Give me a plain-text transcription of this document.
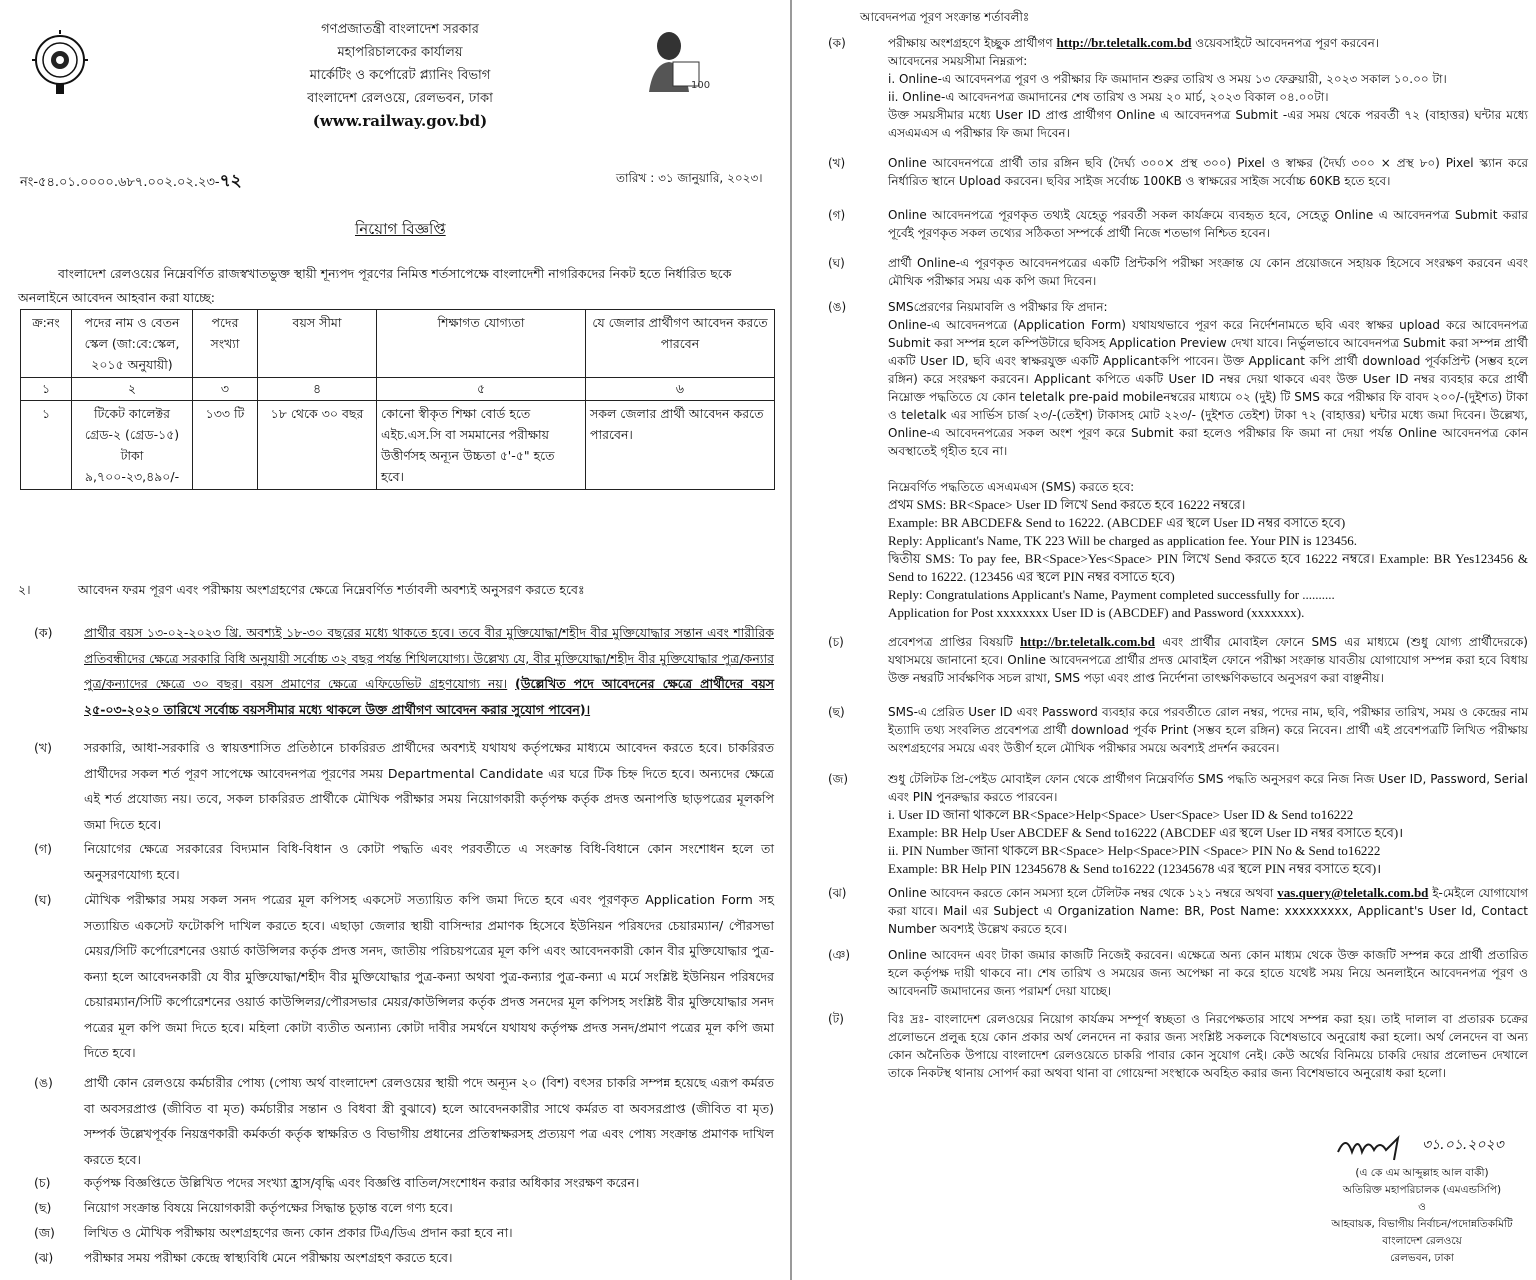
গণপ্রজাতন্ত্রী বাংলাদেশ সরকার
মহাপরিচালকের কার্যালয়
মার্কেটিং ও কর্পোরেট প্ল্যানিং বিভাগ
বাংলাদেশ রেলওয়ে, রেলভবন, ঢাকা
(www.railway.gov.bd)
100
নং-৫৪.০১.০০০০.৬৮৭.০০২.০২.২৩-৭২	তারিখ : ৩১ জানুয়ারি, ২০২৩।
নিয়োগ বিজ্ঞপ্তি
বাংলাদেশ রেলওয়ের নিম্নেবর্ণিত রাজস্বখাতভুক্ত স্থায়ী শূন্যপদ পূরণের নিমিত্ত শর্তসাপেক্ষে বাংলাদেশী নাগরিকদের নিকট হতে নির্ধারিত ছকে অনলাইনে আবেদন আহবান করা যাচ্ছে:
ক্র:নং	পদের নাম ও বেতন স্কেল (জা:বে:স্কেল, ২০১৫ অনুযায়ী)	পদের সংখ্যা	বয়স সীমা	শিক্ষাগত যোগ্যতা	যে জেলার প্রার্থীগণ আবেদন করতে পারবেন
১	২	৩	৪	৫	৬
১	টিকেট কালেক্টর গ্রেড-২ (গ্রেড-১৫) টাকা ৯,৭০০-২৩,৪৯০/-	১৩৩ টি	১৮ থেকে ৩০ বছর	কোনো স্বীকৃত শিক্ষা বোর্ড হতে এইচ.এস.সি বা সমমানের পরীক্ষায় উত্তীর্ণসহ অন্যূন উচ্চতা ৫'-৫" হতে হবে।	সকল জেলার প্রার্থী আবেদন করতে পারবেন।
২।	আবেদন ফরম পূরণ এবং পরীক্ষায় অংশগ্রহণের ক্ষেত্রে নিম্নেবর্ণিত শর্তাবলী অবশ্যই অনুসরণ করতে হবেঃ
(ক)	প্রার্থীর বয়স ১৩-০২-২০২৩ খ্রি. অবশ্যই ১৮-৩০ বছরের মধ্যে থাকতে হবে। তবে বীর মুক্তিযোদ্ধা/শহীদ বীর মুক্তিযোদ্ধার সন্তান এবং শারীরিক প্রতিবন্ধীদের ক্ষেত্রে সরকারি বিধি অনুযায়ী সর্বোচ্চ ৩২ বছর পর্যন্ত শিথিলযোগ্য। উল্লেখ্য যে, বীর মুক্তিযোদ্ধা/শহীদ বীর মুক্তিযোদ্ধার পুত্র/কন্যার পুত্র/কন্যাদের ক্ষেত্রে ৩০ বছর। বয়স প্রমাণের ক্ষেত্রে এফিডেভিট গ্রহণযোগ্য নয়। (উল্লেখিত পদে আবেদনের ক্ষেত্রে প্রার্থীদের বয়স ২৫-০৩-২০২০ তারিখে সর্বোচ্চ বয়সসীমার মধ্যে থাকলে উক্ত প্রার্থীগণ আবেদন করার সুযোগ পাবেন)।
(খ)	সরকারি, আধা-সরকারি ও স্বায়ত্তশাসিত প্রতিষ্ঠানে চাকরিরত প্রার্থীদের অবশ্যই যথাযথ কর্তৃপক্ষের মাধ্যমে আবেদন করতে হবে। চাকরিরত প্রার্থীদের সকল শর্ত পূরণ সাপেক্ষে আবেদনপত্র পূরণের সময় Departmental Candidate এর ঘরে টিক চিহ্ন দিতে হবে। অন্যদের ক্ষেত্রে এই শর্ত প্রযোজ্য নয়। তবে, সকল চাকরিরত প্রার্থীকে মৌখিক পরীক্ষার সময় নিয়োগকারী কর্তৃপক্ষ কর্তৃক প্রদত্ত অনাপত্তি ছাড়পত্রের মূলকপি জমা দিতে হবে।
(গ)	নিয়োগের ক্ষেত্রে সরকারের বিদ্যমান বিধি-বিধান ও কোটা পদ্ধতি এবং পরবর্তীতে এ সংক্রান্ত বিধি-বিধানে কোন সংশোধন হলে তা অনুসরণযোগ্য হবে।
(ঘ)	মৌখিক পরীক্ষার সময় সকল সনদ পত্রের মূল কপিসহ একসেট সত্যায়িত কপি জমা দিতে হবে এবং পূরণকৃত Application Form সহ সত্যায়িত একসেট ফটোকপি দাখিল করতে হবে। এছাড়া জেলার স্থায়ী বাসিন্দার প্রমাণক হিসেবে ইউনিয়ন পরিষদের চেয়ারম্যান/ পৌরসভা মেয়র/সিটি কর্পোরেশনের ওয়ার্ড কাউন্সিলর কর্তৃক প্রদত্ত সনদ, জাতীয় পরিচয়পত্রের মূল কপি এবং আবেদনকারী কোন বীর মুক্তিযোদ্ধার পুত্র-কন্যা হলে আবেদনকারী যে বীর মুক্তিযোদ্ধা/শহীদ বীর মুক্তিযোদ্ধার পুত্র-কন্যা অথবা পুত্র-কন্যার পুত্র-কন্যা এ মর্মে সংশ্লিষ্ট ইউনিয়ন পরিষদের চেয়ারম্যান/সিটি কর্পোরেশনের ওয়ার্ড কাউন্সিলর/পৌরসভার মেয়র/কাউন্সিলর কর্তৃক প্রদত্ত সনদের মূল কপিসহ সংশ্লিষ্ট বীর মুক্তিযোদ্ধার সনদ পত্রের মূল কপি জমা দিতে হবে। মহিলা কোটা ব্যতীত অন্যান্য কোটা দাবীর সমর্থনে যথাযথ কর্তৃপক্ষ প্রদত্ত সনদ/প্রমাণ পত্রের মূল কপি জমা দিতে হবে।
(ঙ) প্রার্থী কোন রেলওয়ে কর্মচারীর পোষ্য (পোষ্য অর্থ বাংলাদেশ রেলওয়ের স্থায়ী পদে অন্যূন ২০ (বিশ) বৎসর চাকরি সম্পন্ন হয়েছে এরূপ কর্মরত বা অবসরপ্রাপ্ত (জীবিত বা মৃত) কর্মচারীর সন্তান ও বিধবা স্ত্রী বুঝাবে) হলে আবেদনকারীর সাথে কর্মরত বা অবসরপ্রাপ্ত (জীবিত বা মৃত) সম্পর্ক উল্লেখপূর্বক নিয়ন্ত্রণকারী কর্মকর্তা কর্তৃক স্বাক্ষরিত ও বিভাগীয় প্রধানের প্রতিস্বাক্ষরসহ প্রত্যয়ণ পত্র এবং পোষ্য সংক্রান্ত প্রমাণক দাখিল করতে হবে।
(চ)	কর্তৃপক্ষ বিজ্ঞপ্তিতে উল্লিখিত পদের সংখ্যা হ্রাস/বৃদ্ধি এবং বিজ্ঞপ্তি বাতিল/সংশোধন করার অধিকার সংরক্ষণ করেন।
(ছ)	নিয়োগ সংক্রান্ত বিষয়ে নিয়োগকারী কর্তৃপক্ষের সিদ্ধান্ত চূড়ান্ত বলে গণ্য হবে।
(জ) লিখিত ও মৌখিক পরীক্ষায় অংশগ্রহণের জন্য কোন প্রকার টিএ/ডিএ প্রদান করা হবে না।
(ঝ) পরীক্ষার সময় পরীক্ষা কেন্দ্রে স্বাস্থ্যবিধি মেনে পরীক্ষায় অংশগ্রহণ করতে হবে।
আবেদনপত্র পূরণ সংক্রান্ত শর্তাবলীঃ
(ক)	পরীক্ষায় অংশগ্রহণে ইচ্ছুক প্রার্থীগণ http://br.teletalk.com.bd ওয়েবসাইটে আবেদনপত্র পূরণ করবেন।
আবেদনের সময়সীমা নিম্নরূপ:
i. Online-এ আবেদনপত্র পূরণ ও পরীক্ষার ফি জমাদান শুরুর তারিখ ও সময় ১৩ ফেব্রুয়ারী, ২০২৩ সকাল ১০.০০ টা।
ii. Online-এ আবেদনপত্র জমাদানের শেষ তারিখ ও সময় ২০ মার্চ, ২০২৩ বিকাল ০৪.০০টা।
উক্ত সময়সীমার মধ্যে User ID প্রাপ্ত প্রার্থীগণ Online এ আবেদনপত্র Submit -এর সময় থেকে পরবর্তী ৭২ (বাহাত্তর) ঘন্টার মধ্যে এসএমএস এ পরীক্ষার ফি জমা দিবেন।
(খ)	Online আবেদনপত্রে প্রার্থী তার রঙ্গিন ছবি (দৈর্ঘ্য ৩০০× প্রস্থ ৩০০) Pixel ও স্বাক্ষর (দৈর্ঘ্য ৩০০ × প্রস্থ ৮০) Pixel স্ক্যান করে নির্ধারিত স্থানে Upload করবেন। ছবির সাইজ সর্বোচ্চ 100KB ও স্বাক্ষরের সাইজ সর্বোচ্চ 60KB হতে হবে।
(গ)	Online আবেদনপত্রে পূরণকৃত তথ্যই যেহেতু পরবর্তী সকল কার্যক্রমে ব্যবহৃত হবে, সেহেতু Online এ আবেদনপত্র Submit করার পূর্বেই পূরণকৃত সকল তথ্যের সঠিকতা সম্পর্কে প্রার্থী নিজে শতভাগ নিশ্চিত হবেন।
(ঘ)	প্রার্থী Online-এ পূরণকৃত আবেদনপত্রের একটি প্রিন্টকপি পরীক্ষা সংক্রান্ত যে কোন প্রয়োজনে সহায়ক হিসেবে সংরক্ষণ করবেন এবং মৌখিক পরীক্ষার সময় এক কপি জমা দিবেন।
(ঙ)	SMSপ্রেরণের নিয়মাবলি ও পরীক্ষার ফি প্রদান:
Online-এ আবেদনপত্রে (Application Form) যথাযথভাবে পূরণ করে নির্দেশনামতে ছবি এবং স্বাক্ষর upload করে আবেদনপত্র Submit করা সম্পন্ন হলে কম্পিউটারে ছবিসহ Application Preview দেখা যাবে। নির্ভুলভাবে আবেদনপত্র Submit করা সম্পন্ন প্রার্থী একটি User ID, ছবি এবং স্বাক্ষরযুক্ত একটি Applicantকপি পাবেন। উক্ত Applicant কপি প্রার্থী download পূর্বকপ্রিন্ট (সম্ভব হলে রঙ্গিন) করে সংরক্ষণ করবেন। Applicant কপিতে একটি User ID নম্বর দেয়া থাকবে এবং উক্ত User ID নম্বর ব্যবহার করে প্রার্থী নিম্নোক্ত পদ্ধতিতে যে কোন teletalk pre-paid mobileনম্বরের মাধ্যমে ০২ (দুই) টি SMS করে পরীক্ষার ফি বাবদ ২০০/-(দুইশত) টাকা ও teletalk এর সার্ভিস চার্জ ২৩/-(তেইশ) টাকাসহ মোট ২২৩/- (দুইশত তেইশ) টাকা ৭২ (বাহাত্তর) ঘন্টার মধ্যে জমা দিবেন। উল্লেখ্য, Online-এ আবেদনপত্রের সকল অংশ পূরণ করে Submit করা হলেও পরীক্ষার ফি জমা না দেয়া পর্যন্ত Online আবেদনপত্র কোন অবস্থাতেই গৃহীত হবে না।

নিম্নেবর্ণিত পদ্ধতিতে এসএমএস (SMS) করতে হবে:
প্রথম SMS: BR<Space> User ID লিখে Send করতে হবে 16222 নম্বরে।
Example: BR ABCDEF& Send to 16222. (ABCDEF এর স্থলে User ID নম্বর বসাতে হবে)
Reply: Applicant's Name, TK 223 Will be charged as application fee. Your PIN is 123456.
দ্বিতীয় SMS: To pay fee, BR<Space>Yes<Space> PIN লিখে Send করতে হবে 16222 নম্বরে। Example: BR Yes123456 & Send to 16222. (123456 এর স্থলে PIN নম্বর বসাতে হবে)
Reply: Congratulations Applicant's Name, Payment completed successfully for ..........
Application for Post xxxxxxxx User ID is (ABCDEF) and Password (xxxxxxx).
(চ)	প্রবেশপত্র প্রাপ্তির বিষয়টি http://br.teletalk.com.bd এবং প্রার্থীর মোবাইল ফোনে SMS এর মাধ্যমে (শুধু যোগ্য প্রার্থীদেরকে) যথাসময়ে জানানো হবে। Online আবেদনপত্রে প্রার্থীর প্রদত্ত মোবাইল ফোনে পরীক্ষা সংক্রান্ত যাবতীয় যোগাযোগ সম্পন্ন করা হবে বিধায় উক্ত নম্বরটি সার্বক্ষণিক সচল রাখা, SMS পড়া এবং প্রাপ্ত নির্দেশনা তাৎক্ষণিকভাবে অনুসরণ করা বাঞ্ছনীয়।
(ছ)	SMS-এ প্রেরিত User ID এবং Password ব্যবহার করে পরবর্তীতে রোল নম্বর, পদের নাম, ছবি, পরীক্ষার তারিখ, সময় ও কেন্দ্রের নাম ইত্যাদি তথ্য সংবলিত প্রবেশপত্র প্রার্থী download পূর্বক Print (সম্ভব হলে রঙ্গিন) করে নিবেন। প্রার্থী এই প্রবেশপত্রটি লিখিত পরীক্ষায় অংশগ্রহণের সময়ে এবং উত্তীর্ণ হলে মৌখিক পরীক্ষার সময়ে অবশ্যই প্রদর্শন করবেন।
(জ)	শুধু টেলিটক প্রি-পেইড মোবাইল ফোন থেকে প্রার্থীগণ নিম্নেবর্ণিত SMS পদ্ধতি অনুসরণ করে নিজ নিজ User ID, Password, Serial এবং PIN পুনরুদ্ধার করতে পারবেন।
i. User ID জানা থাকলে BR<Space>Help<Space> User<Space> User ID & Send to16222
Example: BR Help User ABCDEF & Send to16222 (ABCDEF এর স্থলে User ID নম্বর বসাতে হবে)।
ii. PIN Number জানা থাকলে BR<Space> Help<Space>PIN <Space> PIN No & Send to16222
Example: BR Help PIN 12345678 & Send to16222 (12345678 এর স্থলে PIN নম্বর বসাতে হবে)।
(ঝ)	Online আবেদন করতে কোন সমস্যা হলে টেলিটক নম্বর থেকে ১২১ নম্বরে অথবা vas.query@teletalk.com.bd ই-মেইলে যোগাযোগ করা যাবে। Mail এর Subject এ Organization Name: BR, Post Name: xxxxxxxxx, Applicant's User Id, Contact Number অবশ্যই উল্লেখ করতে হবে।
(ঞ)	Online আবেদন এবং টাকা জমার কাজটি নিজেই করবেন। এক্ষেত্রে অন্য কোন মাধ্যম থেকে উক্ত কাজটি সম্পন্ন করে প্রার্থী প্রতারিত হলে কর্তৃপক্ষ দায়ী থাকবে না। শেষ তারিখ ও সময়ের জন্য অপেক্ষা না করে হাতে যথেষ্ট সময় নিয়ে অনলাইনে আবেদনপত্র পূরণ ও আবেদনটি জমাদানের জন্য পরামর্শ দেয়া যাচ্ছে।
(ট)	বিঃ দ্রঃ- বাংলাদেশ রেলওয়ের নিয়োগ কার্যক্রম সম্পূর্ণ স্বচ্ছতা ও নিরপেক্ষতার সাথে সম্পন্ন করা হয়। তাই দালাল বা প্রতারক চক্রের প্রলোভনে প্রলুব্ধ হয়ে কোন প্রকার অর্থ লেনদেন না করার জন্য সংশ্লিষ্ট সকলকে বিশেষভাবে অনুরোধ করা হলো। অর্থ লেনদেন বা অন্য কোন অনৈতিক উপায়ে বাংলাদেশ রেলওয়েতে চাকরি পাবার কোন সুযোগ নেই। কেউ অর্থের বিনিময়ে চাকরি দেয়ার প্রলোভন দেখালে তাকে নিকটস্থ থানায় সোপর্দ করা অথবা থানা বা গোয়েন্দা সংস্থাকে অবহিত করার জন্য বিশেষভাবে অনুরোধ করা হলো।
৩১.০১.২০২৩
(এ কে এম আব্দুল্লাহ আল বাকী)
অতিরিক্ত মহাপরিচালক (এমএন্ডসিপি)
ও
আহবায়ক, বিভাগীয় নির্বাচন/পদোন্নতিকমিটি
বাংলাদেশ রেলওয়ে
রেলভবন, ঢাকা
